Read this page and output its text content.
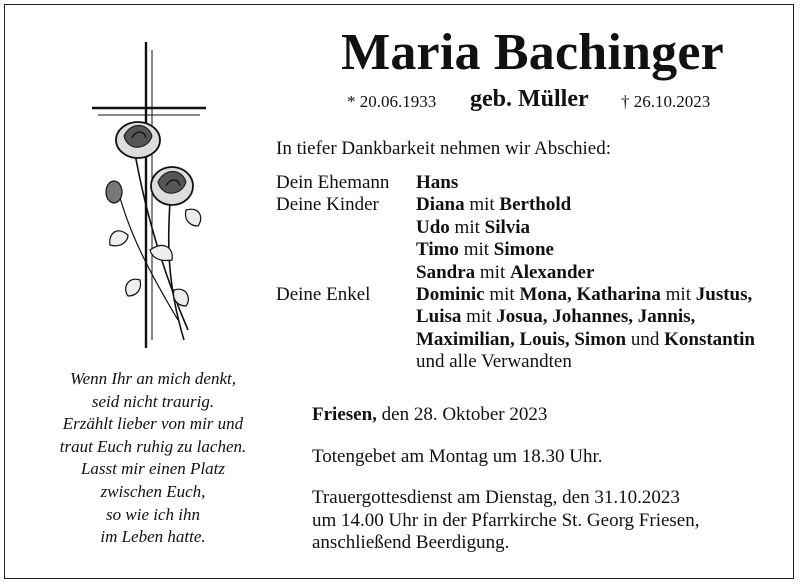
Maria Bachinger
* 20.06.1933 geb. Müller † 26.10.2023
In tiefer Dankbarkeit nehmen wir Abschied:
Dein Ehemann	Hans
Deine Kinder	Diana mit Berthold
Udo mit Silvia
Timo mit Simone
Sandra mit Alexander
Deine Enkel	Dominic mit Mona, Katharina mit Justus,
Luisa mit Josua, Johannes, Jannis,
Maximilian, Louis, Simon und Konstantin
und alle Verwandten
Friesen, den 28. Oktober 2023
Totengebet am Montag um 18.30 Uhr.
Trauergottesdienst am Dienstag, den 31.10.2023
um 14.00 Uhr in der Pfarrkirche St. Georg Friesen,
anschließend Beerdigung.
Wenn Ihr an mich denkt,
seid nicht traurig.
Erzählt lieber von mir und
traut Euch ruhig zu lachen.
Lasst mir einen Platz
zwischen Euch,
so wie ich ihn
im Leben hatte.
